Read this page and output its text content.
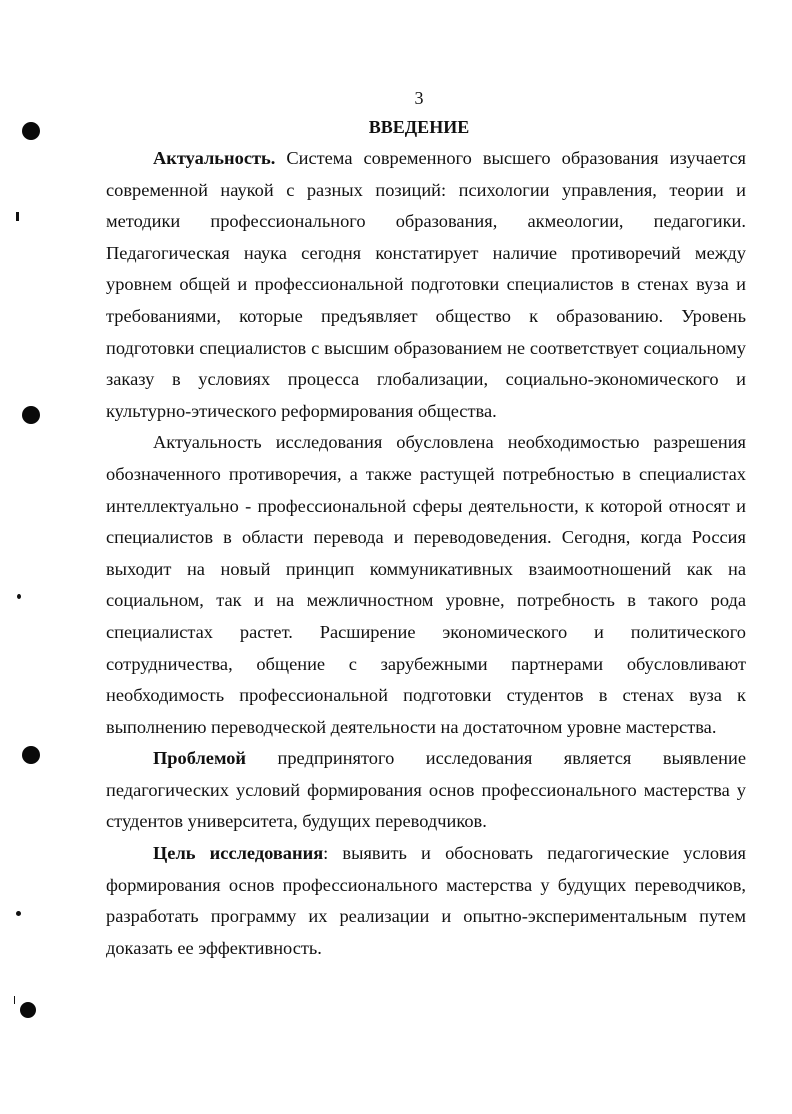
3
ВВЕДЕНИЕ

Актуальность. Система современного высшего образования изучается современной наукой с разных позиций: психологии управления, теории и методики профессионального образования, акмеологии, педагогики. Педагогическая наука сегодня констатирует наличие противоречий между уровнем общей и профессиональной подготовки специалистов в стенах вуза и требованиями, которые предъявляет общество к образованию. Уровень подготовки специалистов с высшим образованием не соответствует социальному заказу в условиях процесса глобализации, социально-экономического и культурно-этического реформирования общества.

Актуальность исследования обусловлена необходимостью разрешения обозначенного противоречия, а также растущей потребностью в специалистах интеллектуально - профессиональной сферы деятельности, к которой относят и специалистов в области перевода и переводоведения. Сегодня, когда Россия выходит на новый принцип коммуникативных взаимоотношений как на социальном, так и на межличностном уровне, потребность в такого рода специалистах растет. Расширение экономического и политического сотрудничества, общение с зарубежными партнерами обусловливают необходимость профессиональной подготовки студентов в стенах вуза к выполнению переводческой деятельности на достаточном уровне мастерства.

Проблемой предпринятого исследования является выявление педагогических условий формирования основ профессионального мастерства у студентов университета, будущих переводчиков.

Цель исследования: выявить и обосновать педагогические условия формирования основ профессионального мастерства у будущих переводчиков, разработать программу их реализации и опытно-экспериментальным путем доказать ее эффективность.
